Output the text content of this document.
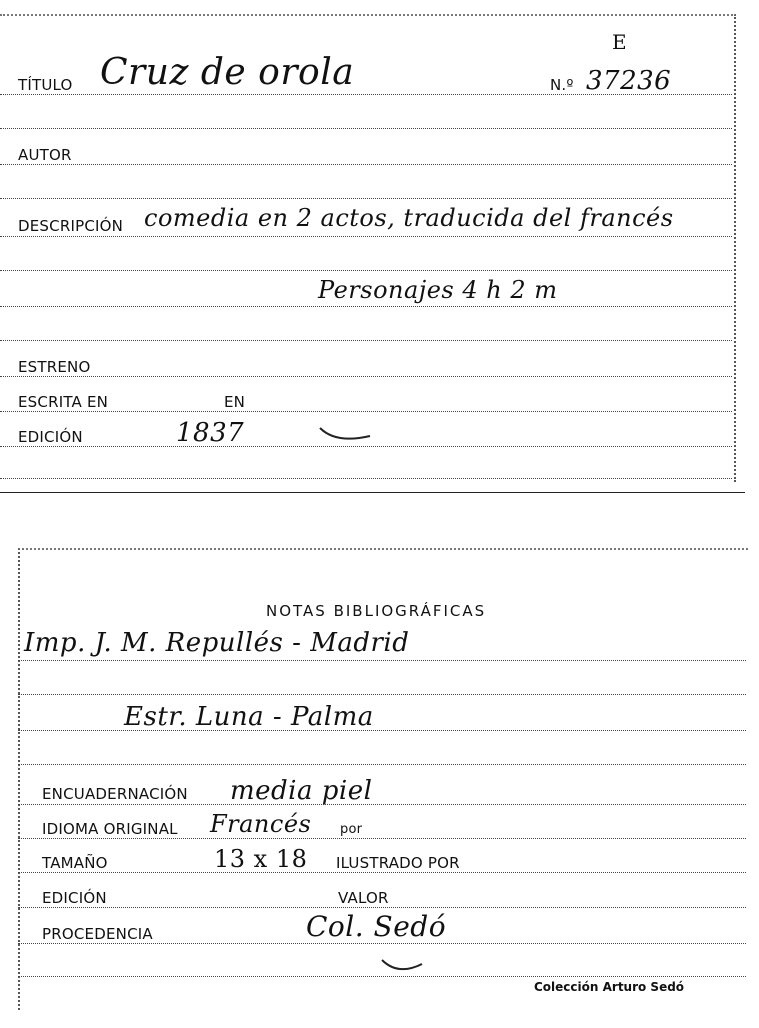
E
TÍTULO Cruz de orola	N.º 37236
AUTOR
DESCRIPCIÓN comedia en 2 actos, traducida del francés
Personajes 4 h 2 m
ESTRENO
ESCRITA EN	EN
EDICIÓN	1837
NOTAS BIBLIOGRÁFICAS
Imp. J. M. Repullés - Madrid
Estr. Luna - Palma
ENCUADERNACIÓN media piel
IDIOMA ORIGINAL Francés por
TAMAÑO	13 x 18 ILUSTRADO POR
EDICIÓN	VALOR
PROCEDENCIA	Col. Sedó
Colección Arturo Sedó
